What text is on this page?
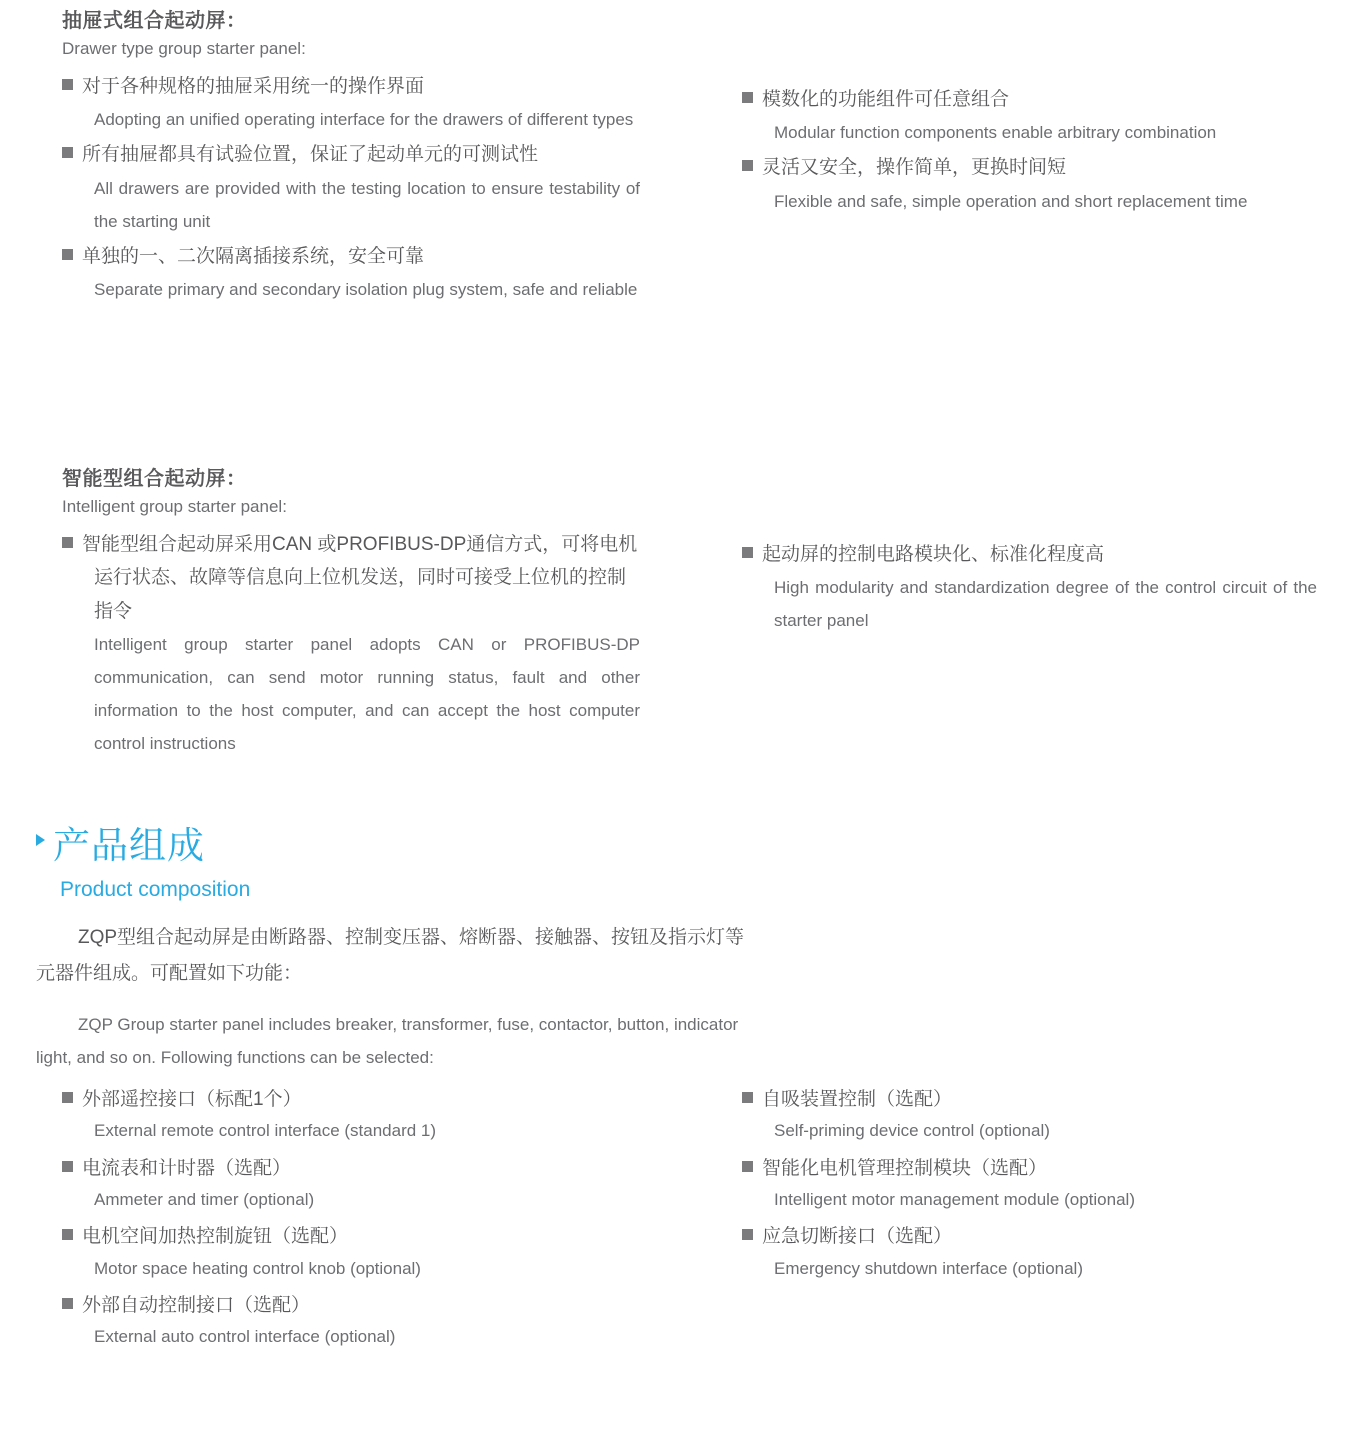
抽屉式组合起动屏：
Drawer type group starter panel:

对于各种规格的抽屉采用统一的操作界面

Adopting an unified operating interface for the drawers of different types

所有抽屉都具有试验位置，保证了起动单元的可测试性

All drawers are provided with the testing location to ensure testability of the starting unit

单独的一、二次隔离插接系统，安全可靠

Separate primary and secondary isolation plug system, safe and reliable

模数化的功能组件可任意组合

Modular function components enable arbitrary combination

灵活又安全，操作简单，更换时间短

Flexible and safe, simple operation and short replacement time

智能型组合起动屏：
Intelligent group starter panel:

智能型组合起动屏采用CAN 或PROFIBUS-DP通信方式，可将电机运行状态、故障等信息向上位机发送，同时可接受上位机的控制指令

Intelligent group starter panel adopts CAN or PROFIBUS-DP communication, can send motor running status, fault and other information to the host computer, and can accept the host computer control instructions

起动屏的控制电路模块化、标准化程度高

High modularity and standardization degree of the control circuit of the starter panel

产品组成
Product composition
ZQP型组合起动屏是由断路器、控制变压器、熔断器、接触器、按钮及指示灯等
元器件组成。可配置如下功能：
ZQP Group starter panel includes breaker, transformer, fuse, contactor, button, indicator
light, and so on. Following functions can be selected:

外部遥控接口（标配1个）

External remote control interface (standard 1)

电流表和计时器（选配）

Ammeter and timer (optional)

电机空间加热控制旋钮（选配）

Motor space heating control knob (optional)

外部自动控制接口（选配）

External auto control interface (optional)

自吸装置控制（选配）

Self-priming device control (optional)

智能化电机管理控制模块（选配）

Intelligent motor management module (optional)

应急切断接口（选配）

Emergency shutdown interface (optional)
